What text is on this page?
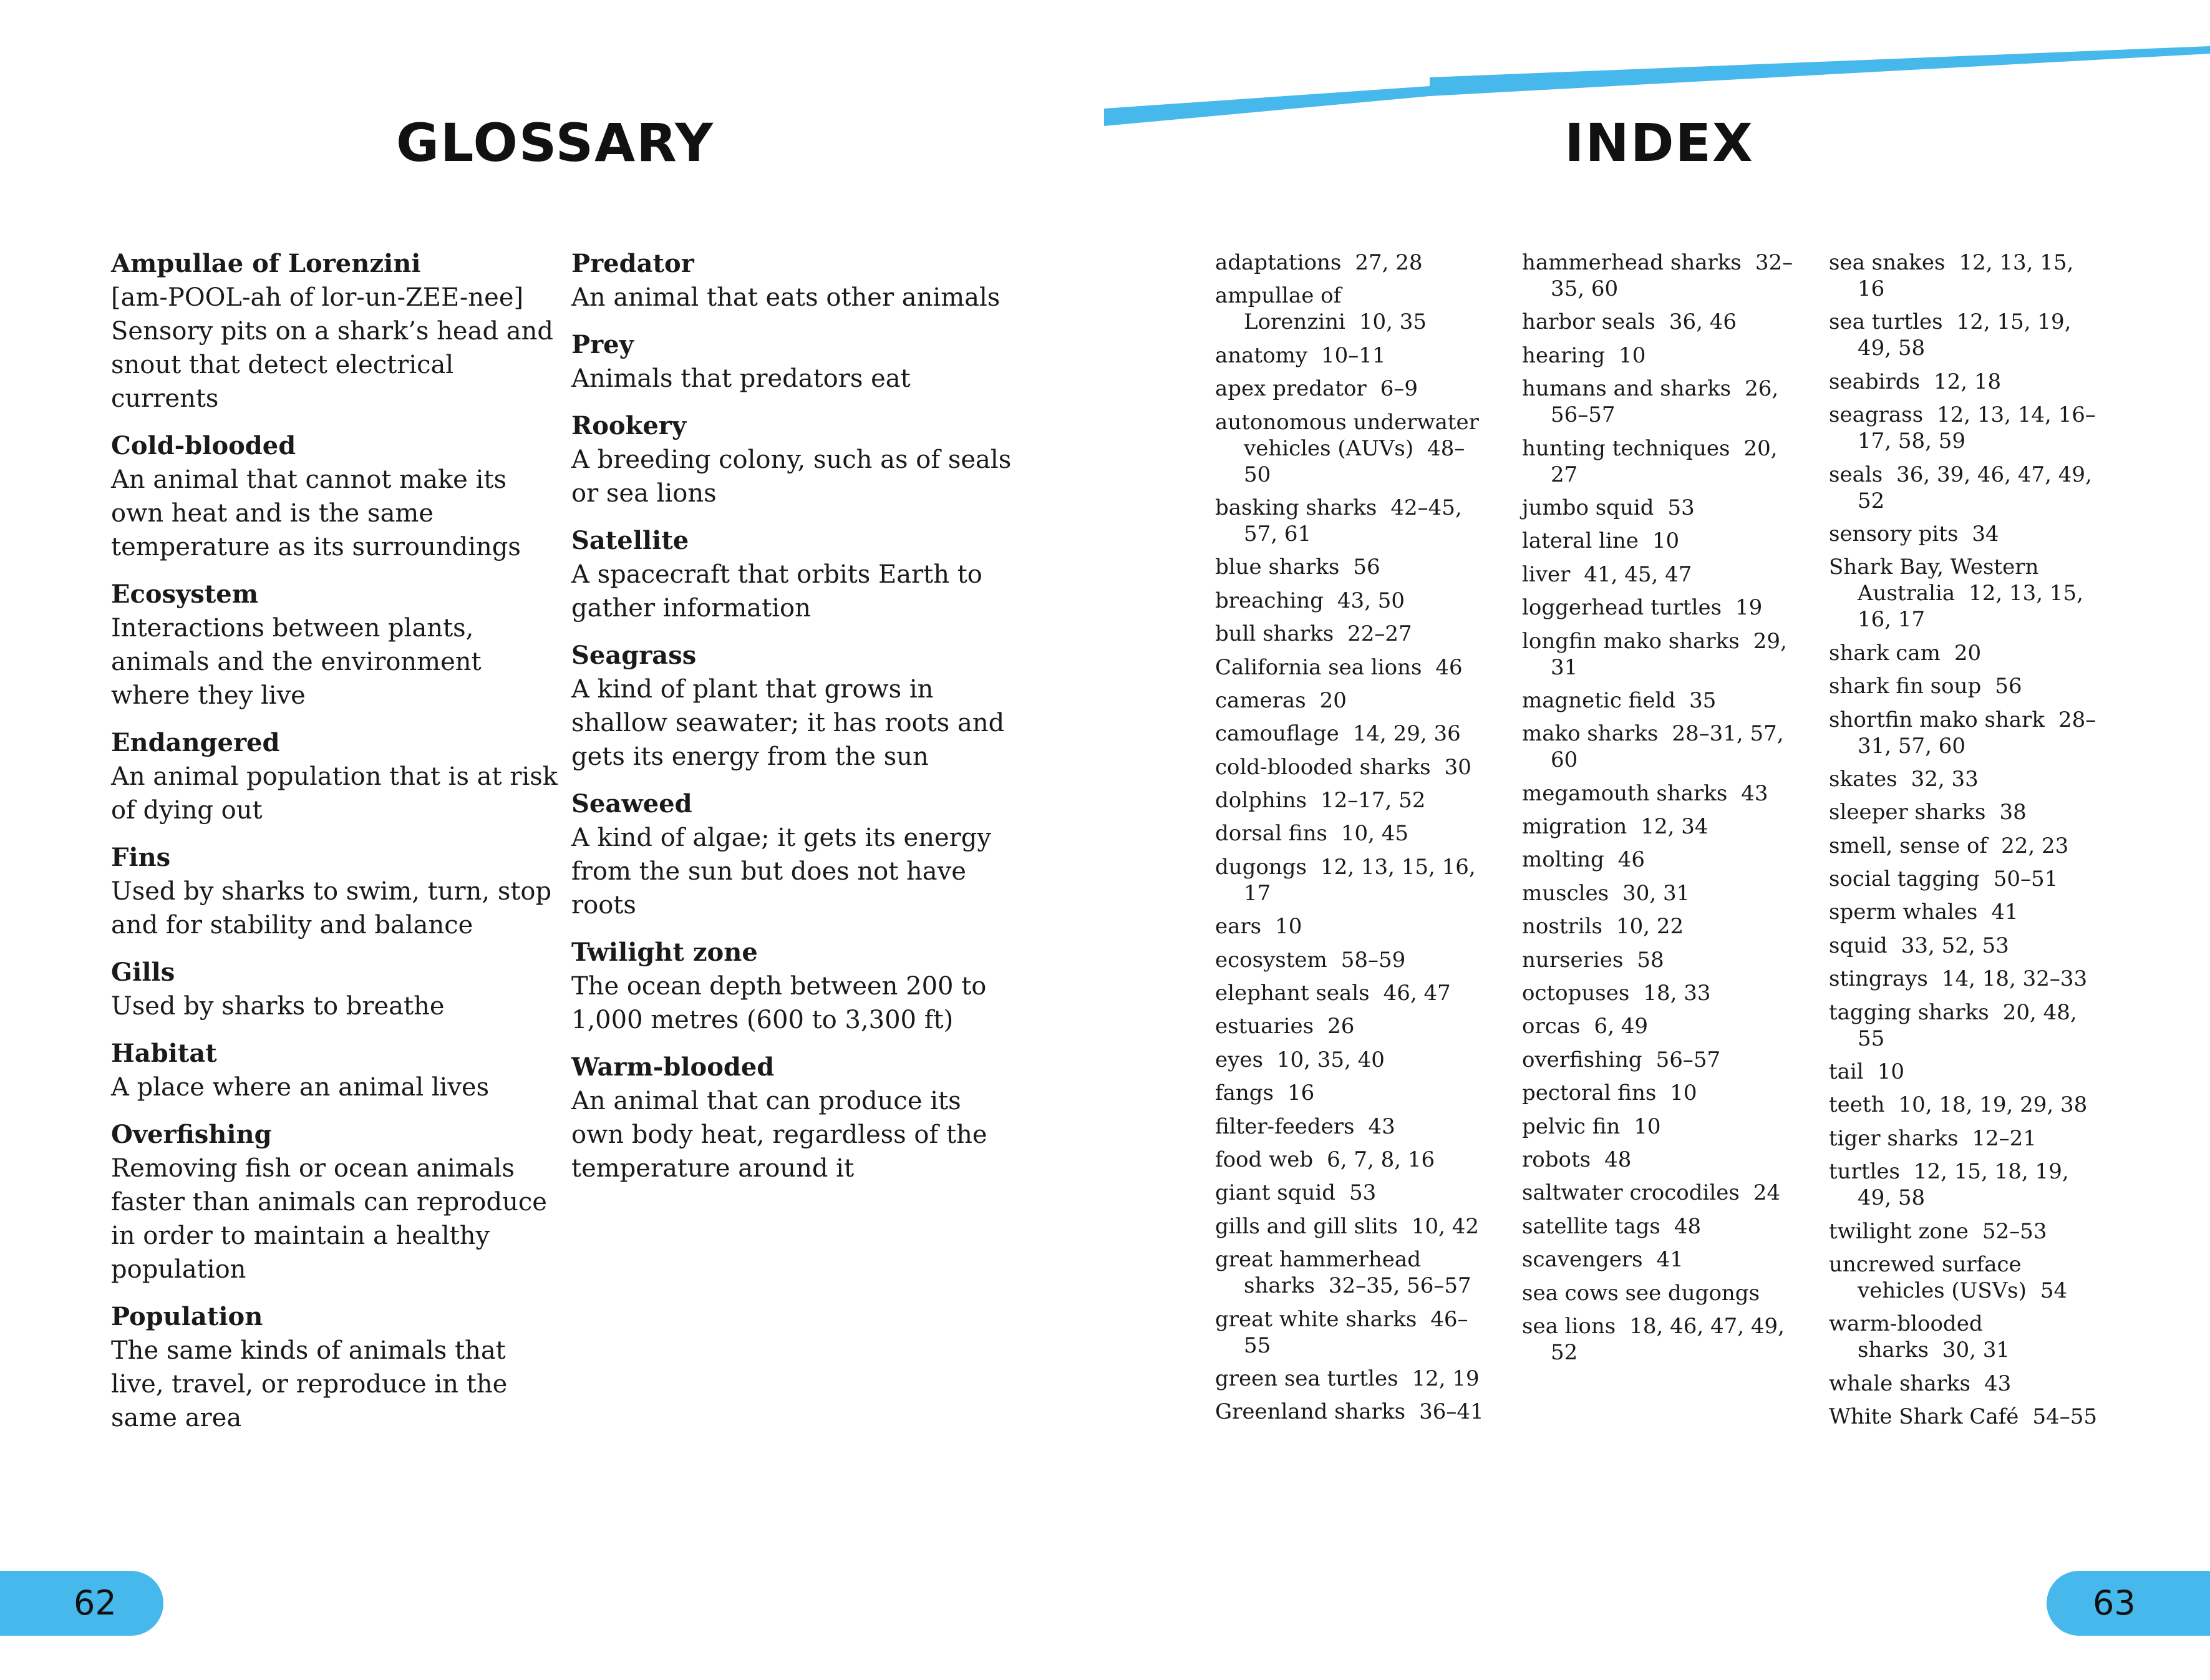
GLOSSARY	INDEX
Ampullae of Lorenzini
[am-POOL-ah of lor-un-ZEE-nee]
Sensory pits on a shark’s head and snout that detect electrical currents
Cold-blooded
An animal that cannot make its own heat and is the same temperature as its surroundings
Ecosystem
Interactions between plants, animals and the environment where they live
Endangered
An animal population that is at risk of dying out
Fins
Used by sharks to swim, turn, stop and for stability and balance
Gills
Used by sharks to breathe
Habitat
A place where an animal lives
Overfishing
Removing fish or ocean animals faster than animals can reproduce in order to maintain a healthy population
Population
The same kinds of animals that live, travel, or reproduce in the same area
Predator
An animal that eats other animals
Prey
Animals that predators eat
Rookery
A breeding colony, such as of seals or sea lions
Satellite
A spacecraft that orbits Earth to gather information
Seagrass
A kind of plant that grows in shallow seawater; it has roots and gets its energy from the sun
Seaweed
A kind of algae; it gets its energy from the sun but does not have roots
Twilight zone
The ocean depth between 200 to 1,000 metres (600 to 3,300 ft)
Warm-blooded
An animal that can produce its own body heat, regardless of the temperature around it
adaptations 27, 28
ampullae of Lorenzini 10, 35
anatomy 10–11
apex predator 6–9
autonomous underwater vehicles (AUVs) 48–50
basking sharks 42–45, 57, 61
blue sharks 56
breaching 43, 50
bull sharks 22–27
California sea lions 46
cameras 20
camouflage 14, 29, 36
cold-blooded sharks 30
dolphins 12–17, 52
dorsal fins 10, 45
dugongs 12, 13, 15, 16, 17
ears 10
ecosystem 58–59
elephant seals 46, 47
estuaries 26
eyes 10, 35, 40
fangs 16
filter-feeders 43
food web 6, 7, 8, 16
giant squid 53
gills and gill slits 10, 42
great hammerhead sharks 32–35, 56–57
great white sharks 46–55
green sea turtles 12, 19
Greenland sharks 36–41
hammerhead sharks 32–35, 60
harbor seals 36, 46
hearing 10
humans and sharks 26, 56–57
hunting techniques 20, 27
jumbo squid 53
lateral line 10
liver 41, 45, 47
loggerhead turtles 19
longfin mako sharks 29, 31
magnetic field 35
mako sharks 28–31, 57, 60
megamouth sharks 43
migration 12, 34
molting 46
muscles 30, 31
nostrils 10, 22
nurseries 58
octopuses 18, 33
orcas 6, 49
overfishing 56–57
pectoral fins 10
pelvic fin 10
robots 48
saltwater crocodiles 24
satellite tags 48
scavengers 41
sea cows see dugongs
sea lions 18, 46, 47, 49, 52
sea snakes 12, 13, 15, 16
sea turtles 12, 15, 19, 49, 58
seabirds 12, 18
seagrass 12, 13, 14, 16–17, 58, 59
seals 36, 39, 46, 47, 49, 52
sensory pits 34
Shark Bay, Western Australia 12, 13, 15, 16, 17
shark cam 20
shark fin soup 56
shortfin mako shark 28–31, 57, 60
skates 32, 33
sleeper sharks 38
smell, sense of 22, 23
social tagging 50–51
sperm whales 41
squid 33, 52, 53
stingrays 14, 18, 32–33
tagging sharks 20, 48, 55
tail 10
teeth 10, 18, 19, 29, 38
tiger sharks 12–21
turtles 12, 15, 18, 19, 49, 58
twilight zone 52–53
uncrewed surface vehicles (USVs) 54
warm-blooded sharks 30, 31
whale sharks 43
White Shark Café 54–55
62	63
